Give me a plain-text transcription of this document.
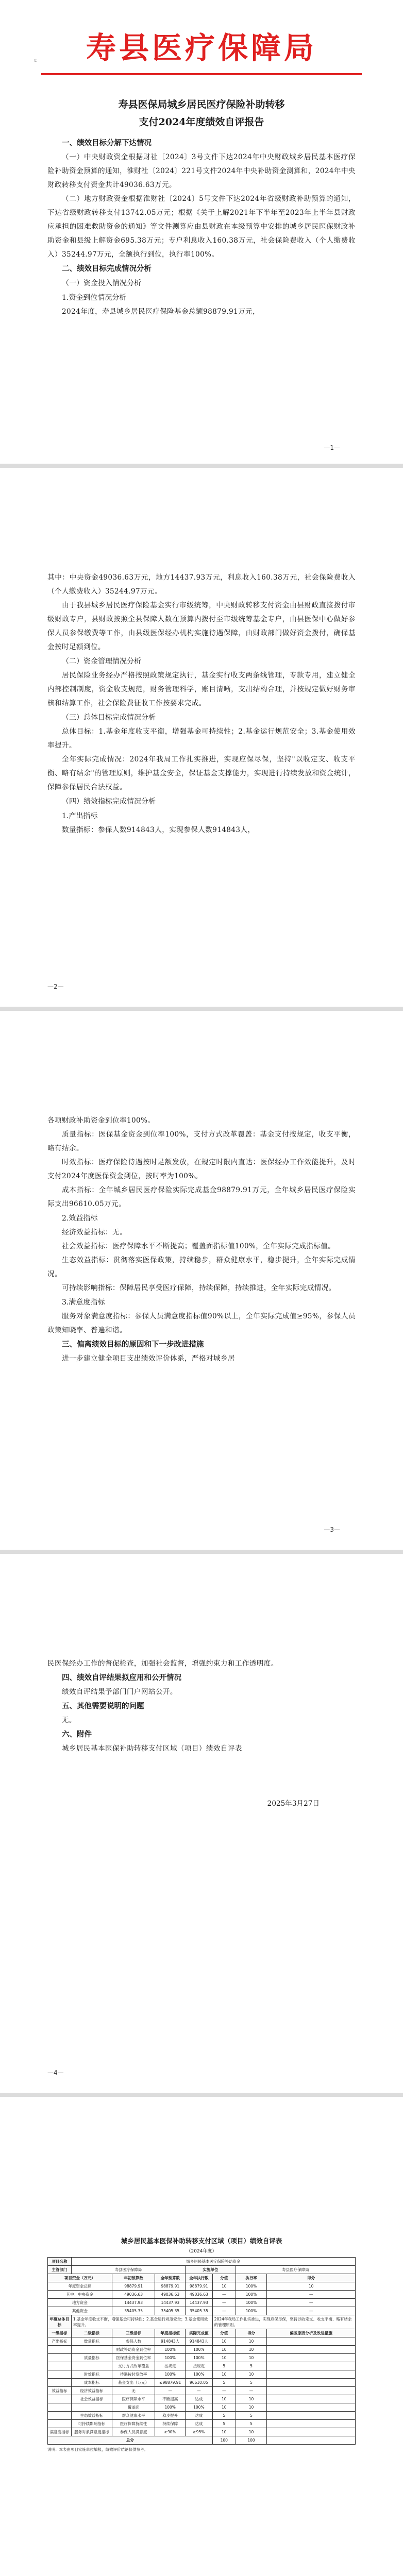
ε	寿县医疗保障局
寿县医保局城乡居民医疗保险补助转移
支付2024年度绩效自评报告
一、绩效目标分解下达情况
（一）中央财政资金根据财社〔2024〕3号文件下达2024年中央财政城乡居民基本医疗保险补助资金预算的通知，淮财社〔2024〕221号文件2024年中央补助资金测算和，2024年中央财政转移支付资金共计49036.63万元。
（二）地方财政资金根据淮财社〔2024〕5号文件下达2024年省级财政补助预算的通知，下达省级财政转移支付13742.05万元；根据《关于上解2021年下半年至2023年上半年县财政应承担的困难救助资金的通知》等文件测算应由县财政在本级预算中安排的城乡居民医保财政补助资金和县级上解资金695.38万元；专户利息收入160.38万元，社会保险费收入（个人缴费收入）35244.97万元，全额执行到位，执行率100%。
二、绩效目标完成情况分析
（一）资金投入情况分析
1.资金到位情况分析
2024年度，寿县城乡居民医疗保险基金总额98879.91万元，
—1—
其中：中央资金49036.63万元，地方14437.93万元，利息收入160.38万元，社会保险费收入（个人缴费收入）35244.97万元。
由于我县城乡居民医疗保险基金实行市级统筹，中央财政转移支付资金由县财政直接拨付市级财政专户，县财政按照全县保障人数在预算内拨付至市级统筹基金专户，由县医保中心做好参保人员参保缴费等工作，由县级医保经办机构实施待遇保障，由财政部门做好资金拨付，确保基金按时足额到位。
（二）资金管理情况分析
居民保险业务经办严格按照政策规定执行，基金实行收支两条线管理，专款专用，建立健全内部控制制度，资金收支规范，财务管理科学，账目清晰，支出结构合理，并按规定做好财务审核和结算工作，社会保险费征收工作按要求完成。
（三）总体目标完成情况分析
总体目标：1.基金年度收支平衡，增强基金可持续性；2.基金运行规范安全；3.基金使用效率提升。
全年实际完成情况：2024年我局工作扎实推进，实现应保尽保，坚持"以收定支、收支平衡、略有结余"的管理原则，维护基金安全，保证基金支撑能力，实现进行持续发放和资金统计，保障参保居民合法权益。
（四）绩效指标完成情况分析
1.产出指标
数量指标：参保人数914843人，实现参保人数914843人，
—2—
各项财政补助资金到位率100%。
质量指标：医保基金资金到位率100%，支付方式改革覆盖：基金支付按规定，收支平衡，略有结余。
时效指标：医疗保险待遇按时足额发放，在规定时限内直达：医保经办工作效能提升，及时支付2024年度医保资金到位，按时率为100%。
成本指标：全年城乡居民医疗保险实际完成基金98879.91万元，全年城乡居民医疗保险实际支出96610.05万元。
2.效益指标
经济效益指标：无。
社会效益指标：医疗保障水平不断提高；覆盖面指标值100%，全年实际完成指标值。
生态效益指标：贯彻落实医保政策，持续稳步，群众健康水平，稳步提升，全年实际完成情况。
可持续影响指标：保障居民享受医疗保障，持续保障，持续推进，全年实际完成情况。
3.满意度指标
服务对象满意度指标：参保人员满意度指标值90%以上，全年实际完成值≥95%，参保人员政策知晓率、普遍和谐。
三、偏离绩效目标的原因和下一步改进措施
进一步建立健全项目支出绩效评价体系，严格对城乡居
—3—
民医保经办工作的督促检查，加强社会监督，增强约束力和工作透明度。
四、绩效自评结果拟应用和公开情况
绩效自评结果予部门门户网站公开。
五、其他需要说明的问题
无。
六、附件
城乡居民基本医保补助转移支付区域（项目）绩效自评表
2025年3月27日
—4—
城乡居民基本医保补助转移支付区域（项目）绩效自评表
（2024年度）
项目名称	城乡居民基本医疗保险补助资金						
主管部门	寿县医疗保障局			实施单位		寿县医疗保障局	
项目资金（万元）		年初预算数	全年预算数	全年执行数	分值	执行率	得分
年度资金总额		98879.91	98879.91	98879.91	10	100%	10
其中：中央资金		49036.63	49036.63	49036.63	—	100%	—
地方资金		14437.93	14437.93	14437.93	—	100%	—
其他资金		35405.35	35405.35	35405.35	—	100%	—
年度总体目标	1.基金年度收支平衡，增强基金可持续性；2.基金运行规范安全；3.基金使用效率提升。				2024年我局工作扎实推进，实现应保尽保，坚持以收定支、收支平衡、略有结余的管理原则。		
一级指标	二级指标	三级指标	年度指标值	实际完成值	分值	得分	偏差原因分析及改进措施
产出指标	数量指标	参保人数	914843人	914843人	10	10	
		财政补助资金到位率	100%	100%	10	10	
	质量指标	医保基金资金到位率	100%	100%	10	10	
		支付方式改革覆盖	按规定	按规定	5	5	
	时效指标	待遇按时发放率	100%	100%	10	10	
	成本指标	基金支出（万元）	≤98879.91	96610.05	5	5	
效益指标	经济效益指标	无	—	—	—	—	
	社会效益指标	医疗保障水平	不断提高	达成	10	10	
		覆盖面	100%	100%	10	10	
	生态效益指标	群众健康水平	稳步提升	达成	5	5	
	可持续影响指标	医疗保障持续性	持续保障	达成	5	5	
满意度指标	服务对象满意度指标	参保人员满意度	≥90%	≥95%	10	10	
总分					100	100	
说明：本表由项目实施单位填报，绩效评价结论仅供参考。
